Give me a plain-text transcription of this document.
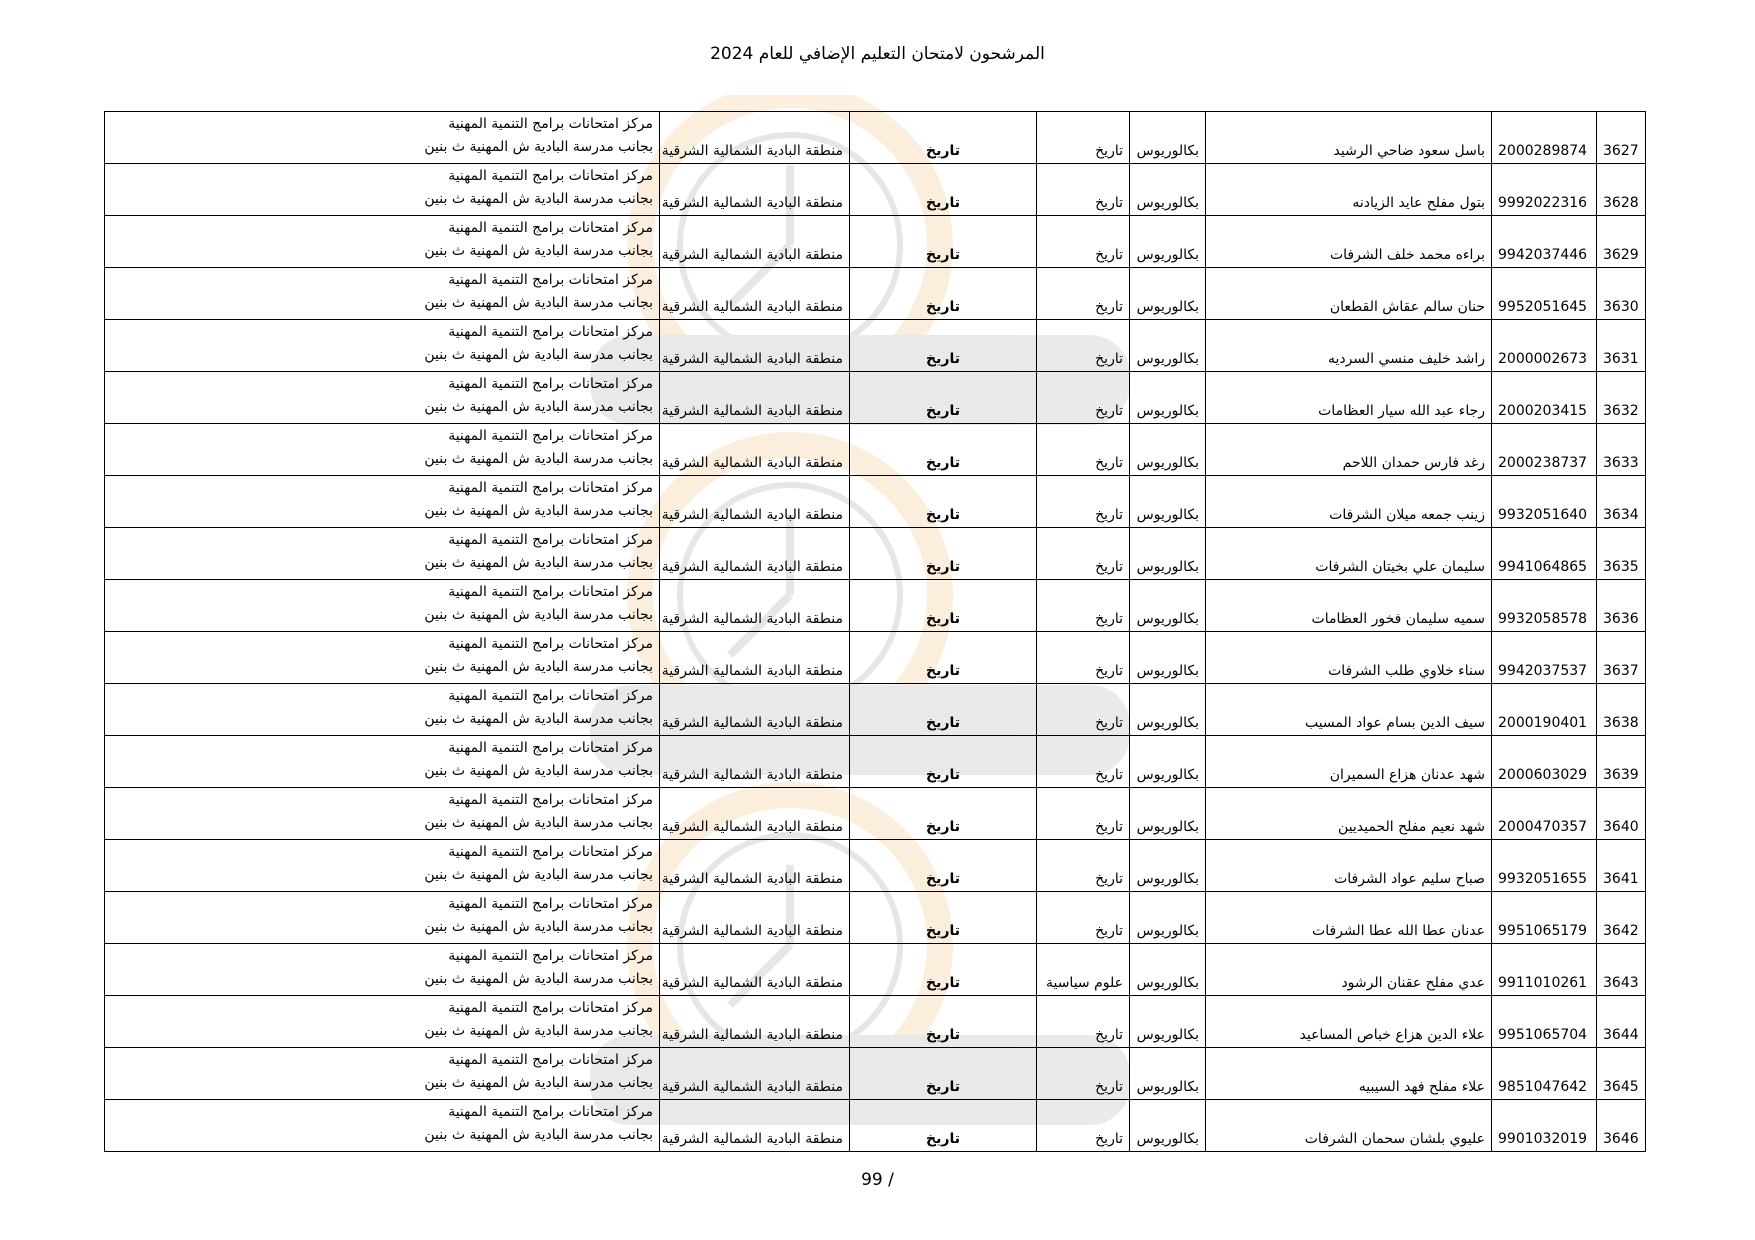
المرشحون لامتحان التعليم الإضافي للعام 2024
3627	2000289874	باسل سعود ضاحي الرشيد	بكالوريوس	تاريخ	تاريخ	منطقة البادية الشمالية الشرقية	مركز امتحانات برامج التنمية المهنية
بجانب مدرسة البادية ش المهنية ث بنين

3628	9992022316	بتول مفلح عايد الزيادنه	بكالوريوس	تاريخ	تاريخ	منطقة البادية الشمالية الشرقية	مركز امتحانات برامج التنمية المهنية
بجانب مدرسة البادية ش المهنية ث بنين

3629	9942037446	براءه محمد خلف الشرفات	بكالوريوس	تاريخ	تاريخ	منطقة البادية الشمالية الشرقية	مركز امتحانات برامج التنمية المهنية
بجانب مدرسة البادية ش المهنية ث بنين

3630	9952051645	حنان سالم عقاش القطعان	بكالوريوس	تاريخ	تاريخ	منطقة البادية الشمالية الشرقية	مركز امتحانات برامج التنمية المهنية
بجانب مدرسة البادية ش المهنية ث بنين

3631	2000002673	راشد خليف منسي السرديه	بكالوريوس	تاريخ	تاريخ	منطقة البادية الشمالية الشرقية	مركز امتحانات برامج التنمية المهنية
بجانب مدرسة البادية ش المهنية ث بنين

3632	2000203415	رجاء عبد الله سيار العظامات	بكالوريوس	تاريخ	تاريخ	منطقة البادية الشمالية الشرقية	مركز امتحانات برامج التنمية المهنية
بجانب مدرسة البادية ش المهنية ث بنين

3633	2000238737	رغد فارس حمدان اللاحم	بكالوريوس	تاريخ	تاريخ	منطقة البادية الشمالية الشرقية	مركز امتحانات برامج التنمية المهنية
بجانب مدرسة البادية ش المهنية ث بنين

3634	9932051640	زينب جمعه ميلان الشرفات	بكالوريوس	تاريخ	تاريخ	منطقة البادية الشمالية الشرقية	مركز امتحانات برامج التنمية المهنية
بجانب مدرسة البادية ش المهنية ث بنين

3635	9941064865	سليمان علي بخيتان الشرفات	بكالوريوس	تاريخ	تاريخ	منطقة البادية الشمالية الشرقية	مركز امتحانات برامج التنمية المهنية
بجانب مدرسة البادية ش المهنية ث بنين

3636	9932058578	سميه سليمان فخور العظامات	بكالوريوس	تاريخ	تاريخ	منطقة البادية الشمالية الشرقية	مركز امتحانات برامج التنمية المهنية
بجانب مدرسة البادية ش المهنية ث بنين

3637	9942037537	سناء خلاوي طلب الشرفات	بكالوريوس	تاريخ	تاريخ	منطقة البادية الشمالية الشرقية	مركز امتحانات برامج التنمية المهنية
بجانب مدرسة البادية ش المهنية ث بنين

3638	2000190401	سيف الدين بسام عواد المسيب	بكالوريوس	تاريخ	تاريخ	منطقة البادية الشمالية الشرقية	مركز امتحانات برامج التنمية المهنية
بجانب مدرسة البادية ش المهنية ث بنين

3639	2000603029	شهد عدنان هزاع السميران	بكالوريوس	تاريخ	تاريخ	منطقة البادية الشمالية الشرقية	مركز امتحانات برامج التنمية المهنية
بجانب مدرسة البادية ش المهنية ث بنين

3640	2000470357	شهد نعيم مفلح الحميديين	بكالوريوس	تاريخ	تاريخ	منطقة البادية الشمالية الشرقية	مركز امتحانات برامج التنمية المهنية
بجانب مدرسة البادية ش المهنية ث بنين

3641	9932051655	صباح سليم عواد الشرفات	بكالوريوس	تاريخ	تاريخ	منطقة البادية الشمالية الشرقية	مركز امتحانات برامج التنمية المهنية
بجانب مدرسة البادية ش المهنية ث بنين

3642	9951065179	عدنان عطا الله عطا الشرفات	بكالوريوس	تاريخ	تاريخ	منطقة البادية الشمالية الشرقية	مركز امتحانات برامج التنمية المهنية
بجانب مدرسة البادية ش المهنية ث بنين

3643	9911010261	عدي مفلح عقنان الرشود	بكالوريوس	علوم سياسية	تاريخ	منطقة البادية الشمالية الشرقية	مركز امتحانات برامج التنمية المهنية
بجانب مدرسة البادية ش المهنية ث بنين

3644	9951065704	علاء الدين هزاع خباص المساعيد	بكالوريوس	تاريخ	تاريخ	منطقة البادية الشمالية الشرقية	مركز امتحانات برامج التنمية المهنية
بجانب مدرسة البادية ش المهنية ث بنين

3645	9851047642	علاء مفلح فهد السيبيه	بكالوريوس	تاريخ	تاريخ	منطقة البادية الشمالية الشرقية	مركز امتحانات برامج التنمية المهنية
بجانب مدرسة البادية ش المهنية ث بنين

3646	9901032019	عليوي بلشان سحمان الشرفات	بكالوريوس	تاريخ	تاريخ	منطقة البادية الشمالية الشرقية	مركز امتحانات برامج التنمية المهنية
بجانب مدرسة البادية ش المهنية ث بنين
99 /
